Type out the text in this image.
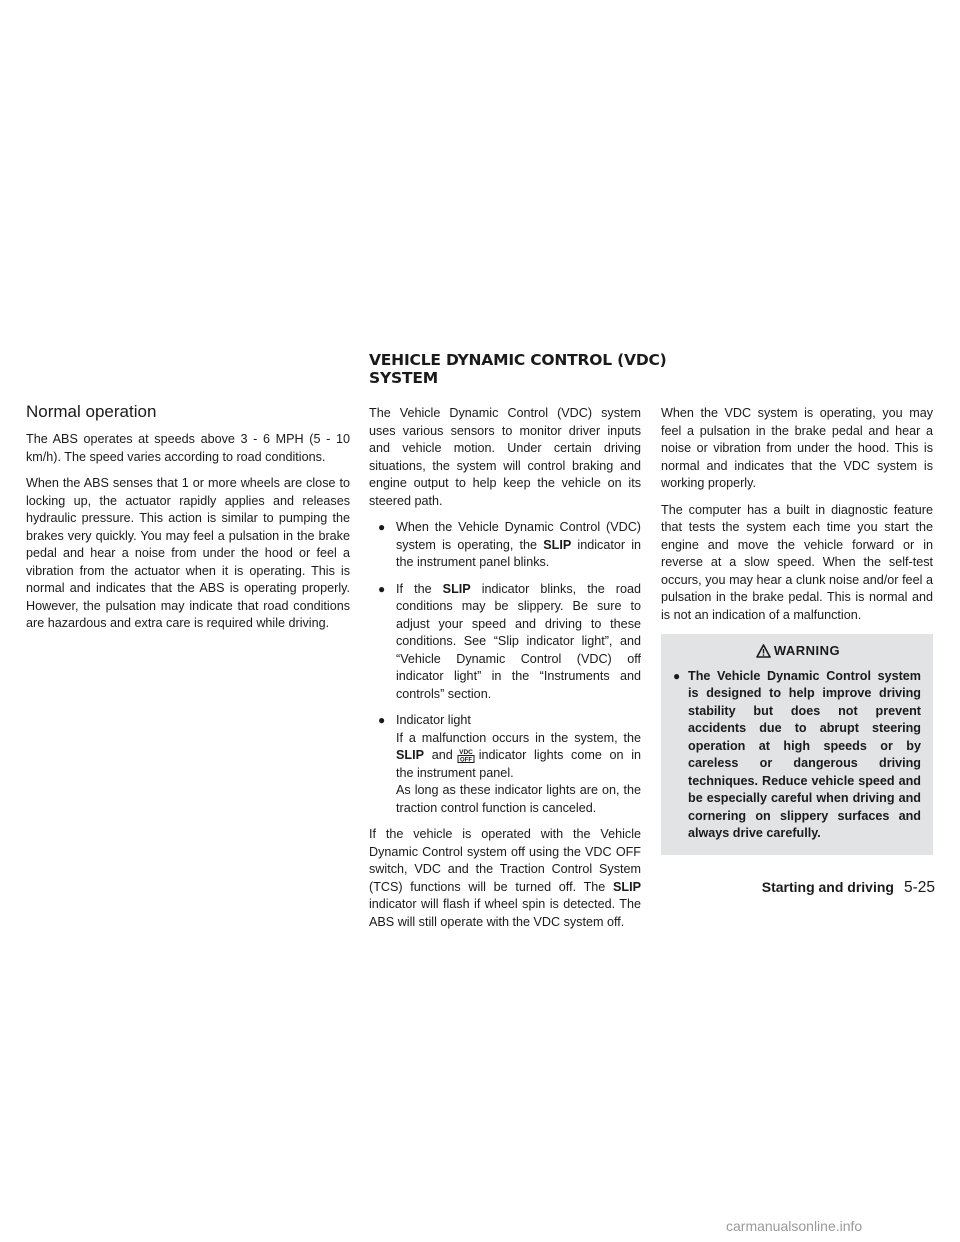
VEHICLE DYNAMIC CONTROL (VDC) SYSTEM
Normal operation

The ABS operates at speeds above 3 - 6 MPH (5 - 10 km/h). The speed varies according to road conditions.

When the ABS senses that 1 or more wheels are close to locking up, the actuator rapidly applies and releases hydraulic pressure. This action is similar to pumping the brakes very quickly. You may feel a pulsation in the brake pedal and hear a noise from under the hood or feel a vibration from the actuator when it is operating. This is normal and indicates that the ABS is operating properly. However, the pulsation may indicate that road conditions are hazardous and extra care is required while driving.

The Vehicle Dynamic Control (VDC) system uses various sensors to monitor driver inputs and vehicle motion. Under certain driving situations, the system will control braking and engine output to help keep the vehicle on its steered path.

● When the Vehicle Dynamic Control (VDC) system is operating, the SLIP indicator in the instrument panel blinks.
● If the SLIP indicator blinks, the road conditions may be slippery. Be sure to adjust your speed and driving to these conditions. See “Slip indicator light”, and “Vehicle Dynamic Control (VDC) off indicator light” in the “Instruments and controls” section.
● Indicator light
If a malfunction occurs in the system, the SLIP and VDC
OFF indicator lights come on in the instrument panel.
As long as these indicator lights are on, the traction control function is canceled.

If the vehicle is operated with the Vehicle Dynamic Control system off using the VDC OFF switch, VDC and the Traction Control System (TCS) functions will be turned off. The SLIP indicator will flash if wheel spin is detected. The ABS will still operate with the VDC system off.

When the VDC system is operating, you may feel a pulsation in the brake pedal and hear a noise or vibration from under the hood. This is normal and indicates that the VDC system is working properly.

The computer has a built in diagnostic feature that tests the system each time you start the engine and move the vehicle forward or in reverse at a slow speed. When the self-test occurs, you may hear a clunk noise and/or feel a pulsation in the brake pedal. This is normal and is not an indication of a malfunction.

WARNING
● The Vehicle Dynamic Control system is designed to help improve driving stability but does not prevent accidents due to abrupt steering operation at high speeds or by careless or dangerous driving techniques. Reduce vehicle speed and be especially careful when driving and cornering on slippery surfaces and always drive carefully.
Starting and driving 5-25
carmanualsonline.info
